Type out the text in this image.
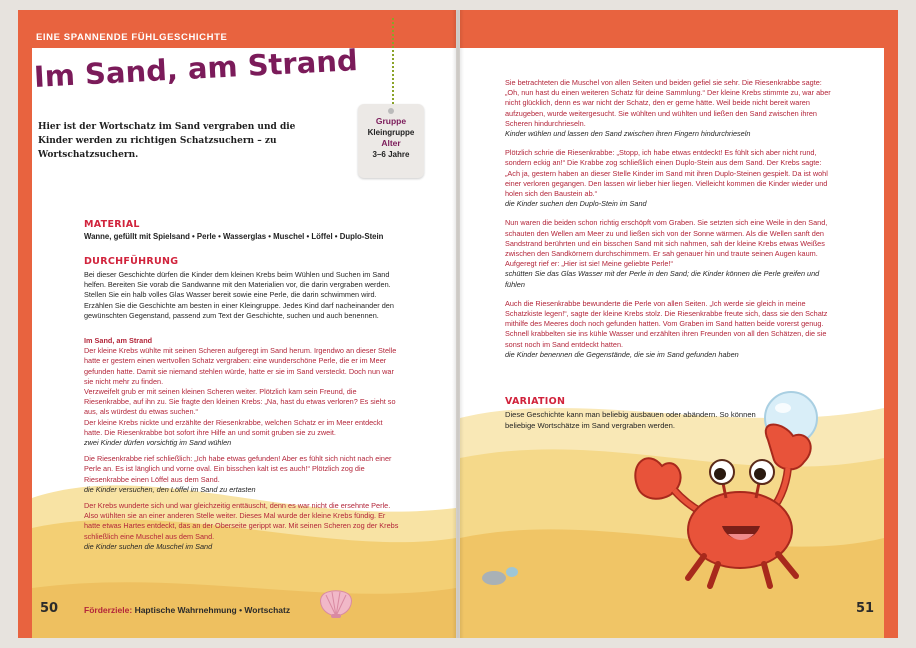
EINE SPANNENDE FÜHLGESCHICHTE
Im Sand, am Strand

Hier ist der Wortschatz im Sand vergraben und die Kinder werden zu richtigen Schatzsuchern – zu Wortschatzsuchern.

Gruppe
Kleingruppe
Alter
3–6 Jahre
MATERIAL
Wanne, gefüllt mit Spielsand • Perle • Wasserglas • Muschel • Löffel • Duplo-Stein
DURCHFÜHRUNG

Bei dieser Geschichte dürfen die Kinder dem kleinen Krebs beim Wühlen und Suchen im Sand helfen. Bereiten Sie vorab die Sandwanne mit den Materialien vor, die darin vergraben werden. Stellen Sie ein halb volles Glas Wasser bereit sowie eine Perle, die darin schwimmen wird. Erzählen Sie die Geschichte am besten in einer Kleingruppe. Jedes Kind darf nacheinander den gewünschten Gegenstand, passend zum Text der Geschichte, suchen und auch benennen.

Im Sand, am Strand

Der kleine Krebs wühlte mit seinen Scheren aufgeregt im Sand herum. Irgendwo an dieser Stelle hatte er gestern einen wertvollen Schatz vergraben: eine wunderschöne Perle, die er im Meer gefunden hatte. Damit sie niemand stehlen würde, hatte er sie im Sand versteckt. Doch nun war sie nicht mehr zu finden.

Verzweifelt grub er mit seinen kleinen Scheren weiter. Plötzlich kam sein Freund, die Riesenkrabbe, auf ihn zu. Sie fragte den kleinen Krebs: „Na, hast du etwas verloren? Es sieht so aus, als würdest du etwas suchen.“

Der kleine Krebs nickte und erzählte der Riesenkrabbe, welchen Schatz er im Meer entdeckt hatte. Die Riesenkrabbe bot sofort ihre Hilfe an und somit gruben sie zu zweit.

zwei Kinder dürfen vorsichtig im Sand wühlen

Die Riesenkrabbe rief schließlich: „Ich habe etwas gefunden! Aber es fühlt sich nicht nach einer Perle an. Es ist länglich und vorne oval. Ein bisschen kalt ist es auch!“ Plötzlich zog die Riesenkrabbe einen Löffel aus dem Sand.

die Kinder versuchen, den Löffel im Sand zu ertasten

Der Krebs wunderte sich und war gleichzeitig enttäuscht, denn es war nicht die ersehnte Perle. Also wühlten sie an einer anderen Stelle weiter. Dieses Mal wurde der kleine Krebs fündig. Er hatte etwas Hartes entdeckt, das an der Oberseite gerippt war. Mit seinen Scheren zog der Krebs schließlich eine Muschel aus dem Sand.

die Kinder suchen die Muschel im Sand

50	Förderziele: Haptische Wahrnehmung • Wortschatz

Sie betrachteten die Muschel von allen Seiten und beiden gefiel sie sehr. Die Riesenkrabbe sagte: „Oh, nun hast du einen weiteren Schatz für deine Sammlung.“ Der kleine Krebs stimmte zu, war aber nicht glücklich, denn es war nicht der Schatz, den er gerne hätte. Weil beide nicht bereit waren aufzugeben, wurde weitergesucht. Sie wühlten und wühlten und ließen den Sand zwischen ihren Scheren hindurchrieseln.

Kinder wühlen und lassen den Sand zwischen ihren Fingern hindurchrieseln

Plötzlich schrie die Riesenkrabbe: „Stopp, ich habe etwas entdeckt! Es fühlt sich aber nicht rund, sondern eckig an!“ Die Krabbe zog schließlich einen Duplo-Stein aus dem Sand. Der Krebs sagte: „Ach ja, gestern haben an dieser Stelle Kinder im Sand mit ihren Duplo-Steinen gespielt. Da ist wohl einer verloren gegangen. Den lassen wir lieber hier liegen. Vielleicht kommen die Kinder wieder und holen sich den Baustein ab.“

die Kinder suchen den Duplo-Stein im Sand

Nun waren die beiden schon richtig erschöpft vom Graben. Sie setzten sich eine Weile in den Sand, schauten den Wellen am Meer zu und ließen sich von der Sonne wärmen. Als die Wellen sanft den Sandstrand berührten und ein bisschen Sand mit sich nahmen, sah der kleine Krebs etwas Weißes zwischen den Sandkörnern durchschimmern. Er sah genauer hin und traute seinen Augen kaum. Aufgeregt rief er: „Hier ist sie! Meine geliebte Perle!“

schütten Sie das Glas Wasser mit der Perle in den Sand; die Kinder können die Perle greifen und fühlen

Auch die Riesenkrabbe bewunderte die Perle von allen Seiten. „Ich werde sie gleich in meine Schatzkiste legen!“, sagte der kleine Krebs stolz. Die Riesenkrabbe freute sich, dass sie den Schatz mithilfe des Meeres doch noch gefunden hatten. Vom Graben im Sand hatten beide vorerst genug. Schnell krabbelten sie ins kühle Wasser und erzählten ihren Freunden von all den Schätzen, die sie sonst noch im Sand entdeckt hatten.

die Kinder benennen die Gegenstände, die sie im Sand gefunden haben

VARIATION
Diese Geschichte kann man beliebig ausbauen oder abändern. So können beliebige Wortschätze im Sand vergraben werden.
51
